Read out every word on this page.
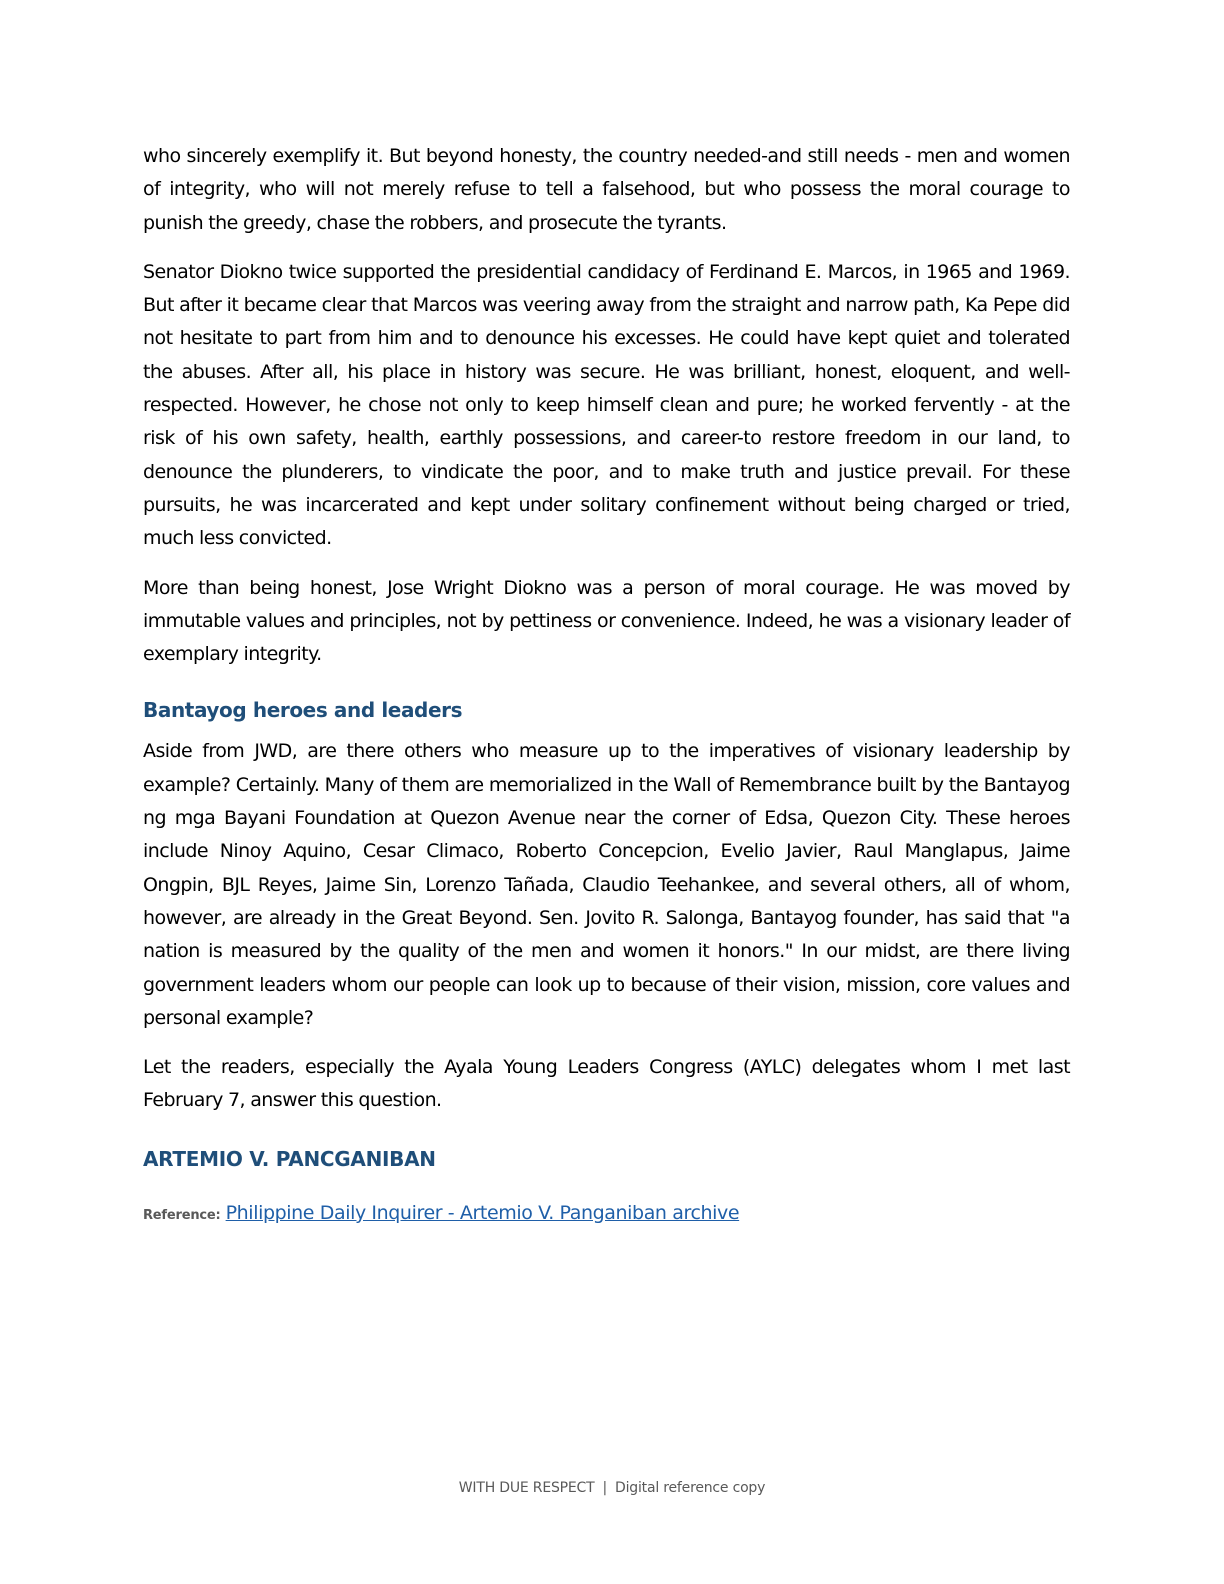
who sincerely exemplify it. But beyond honesty, the country needed-and still needs - men and women of integrity, who will not merely refuse to tell a falsehood, but who possess the moral courage to punish the greedy, chase the robbers, and prosecute the tyrants.

Senator Diokno twice supported the presidential candidacy of Ferdinand E. Marcos, in 1965 and 1969. But after it became clear that Marcos was veering away from the straight and narrow path, Ka Pepe did not hesitate to part from him and to denounce his excesses. He could have kept quiet and tolerated the abuses. After all, his place in history was secure. He was brilliant, honest, eloquent, and well-respected. However, he chose not only to keep himself clean and pure; he worked fervently - at the risk of his own safety, health, earthly possessions, and career-to restore freedom in our land, to denounce the plunderers, to vindicate the poor, and to make truth and justice prevail. For these pursuits, he was incarcerated and kept under solitary confinement without being charged or tried, much less convicted.

More than being honest, Jose Wright Diokno was a person of moral courage. He was moved by immutable values and principles, not by pettiness or convenience. Indeed, he was a visionary leader of exemplary integrity.

Bantayog heroes and leaders

Aside from JWD, are there others who measure up to the imperatives of visionary leadership by example? Certainly. Many of them are memorialized in the Wall of Remembrance built by the Bantayog ng mga Bayani Foundation at Quezon Avenue near the corner of Edsa, Quezon City. These heroes include Ninoy Aquino, Cesar Climaco, Roberto Concepcion, Evelio Javier, Raul Manglapus, Jaime Ongpin, BJL Reyes, Jaime Sin, Lorenzo Tañada, Claudio Teehankee, and several others, all of whom, however, are already in the Great Beyond. Sen. Jovito R. Salonga, Bantayog founder, has said that "a nation is measured by the quality of the men and women it honors." In our midst, are there living government leaders whom our people can look up to because of their vision, mission, core values and personal example?

Let the readers, especially the Ayala Young Leaders Congress (AYLC) delegates whom I met last February 7, answer this question.

ARTEMIO V. PANCGANIBAN
Reference: Philippine Daily Inquirer - Artemio V. Panganiban archive
WITH DUE RESPECT | Digital reference copy
